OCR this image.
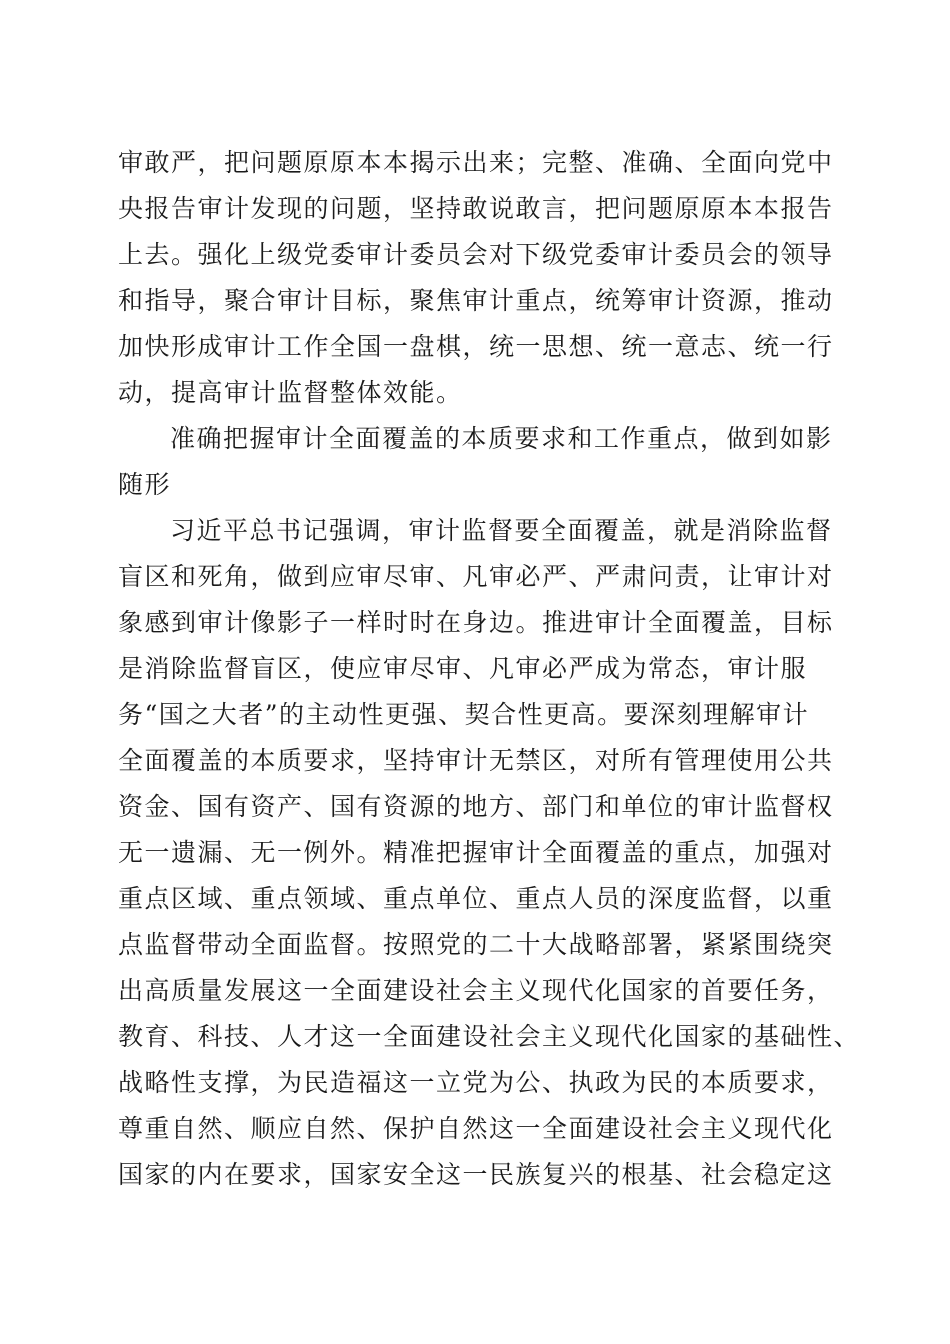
审敢严，把问题原原本本揭示出来；完整、准确、全面向党中
央报告审计发现的问题，坚持敢说敢言，把问题原原本本报告
上去。强化上级党委审计委员会对下级党委审计委员会的领导
和指导，聚合审计目标，聚焦审计重点，统筹审计资源，推动
加快形成审计工作全国一盘棋，统一思想、统一意志、统一行
动，提高审计监督整体效能。
准确把握审计全面覆盖的本质要求和工作重点，做到如影
随形
习近平总书记强调，审计监督要全面覆盖，就是消除监督
盲区和死角，做到应审尽审、凡审必严、严肃问责，让审计对
象感到审计像影子一样时时在身边。推进审计全面覆盖，目标
是消除监督盲区，使应审尽审、凡审必严成为常态，审计服
务“国之大者”的主动性更强、契合性更高。要深刻理解审计
全面覆盖的本质要求，坚持审计无禁区，对所有管理使用公共
资金、国有资产、国有资源的地方、部门和单位的审计监督权
无一遗漏、无一例外。精准把握审计全面覆盖的重点，加强对
重点区域、重点领域、重点单位、重点人员的深度监督，以重
点监督带动全面监督。按照党的二十大战略部署，紧紧围绕突
出高质量发展这一全面建设社会主义现代化国家的首要任务，
教育、科技、人才这一全面建设社会主义现代化国家的基础性、
战略性支撑，为民造福这一立党为公、执政为民的本质要求，
尊重自然、顺应自然、保护自然这一全面建设社会主义现代化
国家的内在要求，国家安全这一民族复兴的根基、社会稳定这
